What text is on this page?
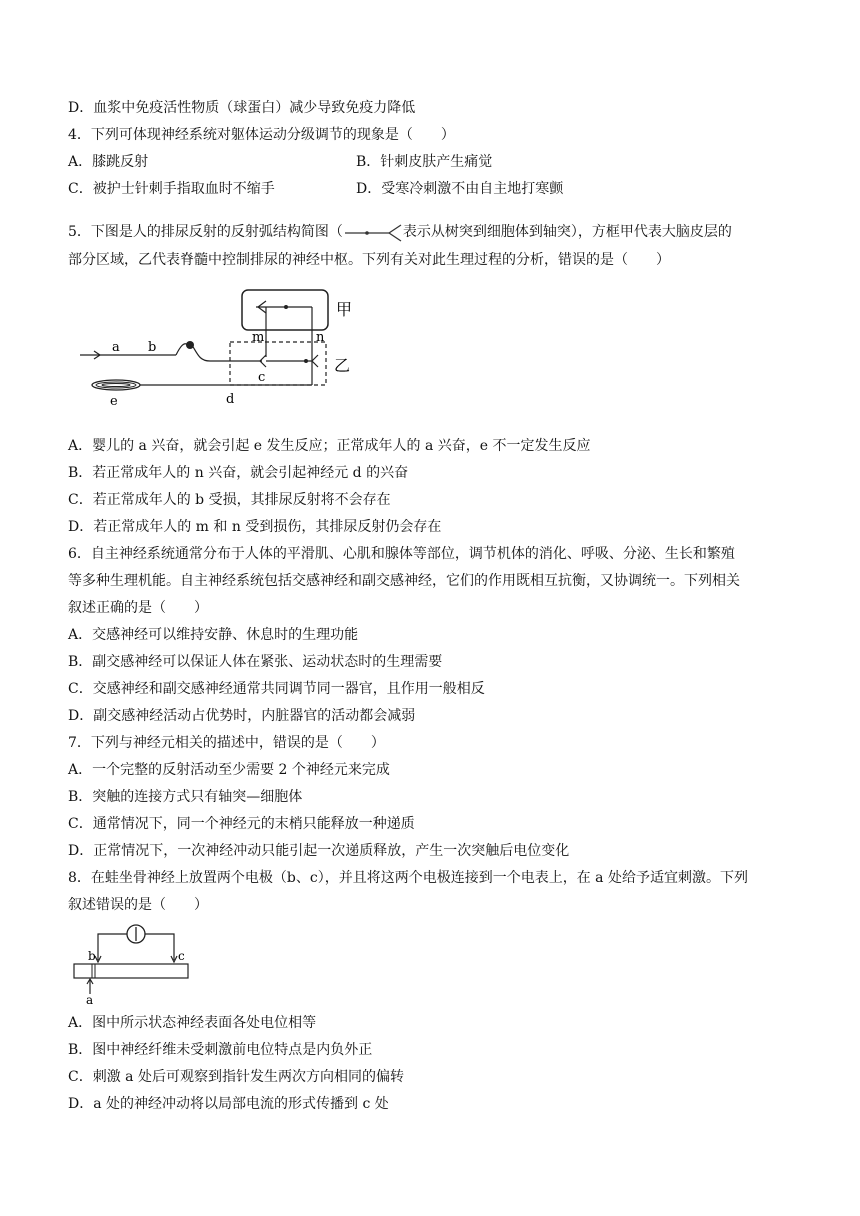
D．血浆中免疫活性物质（球蛋白）减少导致免疫力降低
4．下列可体现神经系统对躯体运动分级调节的现象是（　　）
A．膝跳反射	B．针刺皮肤产生痛觉
C．被护士针刺手指取血时不缩手	D．受寒冷刺激不由自主地打寒颤
5．下图是人的排尿反射的反射弧结构简图（	表示从树突到细胞体到轴突），方框甲代表大脑皮层的
部分区域，乙代表脊髓中控制排尿的神经中枢。下列有关对此生理过程的分析，错误的是（　　）
甲
m	n
乙
a b
c
d
e
A．婴儿的 a 兴奋，就会引起 e 发生反应；正常成年人的 a 兴奋，e 不一定发生反应
B．若正常成年人的 n 兴奋，就会引起神经元 d 的兴奋
C．若正常成年人的 b 受损，其排尿反射将不会存在
D．若正常成年人的 m 和 n 受到损伤，其排尿反射仍会存在
6．自主神经系统通常分布于人体的平滑肌、心肌和腺体等部位，调节机体的消化、呼吸、分泌、生长和繁殖
等多种生理机能。自主神经系统包括交感神经和副交感神经，它们的作用既相互抗衡，又协调统一。下列相关
叙述正确的是（　　）
A．交感神经可以维持安静、休息时的生理功能
B．副交感神经可以保证人体在紧张、运动状态时的生理需要
C．交感神经和副交感神经通常共同调节同一器官，且作用一般相反
D．副交感神经活动占优势时，内脏器官的活动都会减弱
7．下列与神经元相关的描述中，错误的是（　　）
A．一个完整的反射活动至少需要 2 个神经元来完成
B．突触的连接方式只有轴突—细胞体
C．通常情况下，同一个神经元的末梢只能释放一种递质
D．正常情况下，一次神经冲动只能引起一次递质释放，产生一次突触后电位变化
8．在蛙坐骨神经上放置两个电极（b、c），并且将这两个电极连接到一个电表上，在 a 处给予适宜刺激。下列
叙述错误的是（　　）
b	c
a
A．图中所示状态神经表面各处电位相等
B．图中神经纤维未受刺激前电位特点是内负外正
C．刺激 a 处后可观察到指针发生两次方向相同的偏转
D．a 处的神经冲动将以局部电流的形式传播到 c 处
